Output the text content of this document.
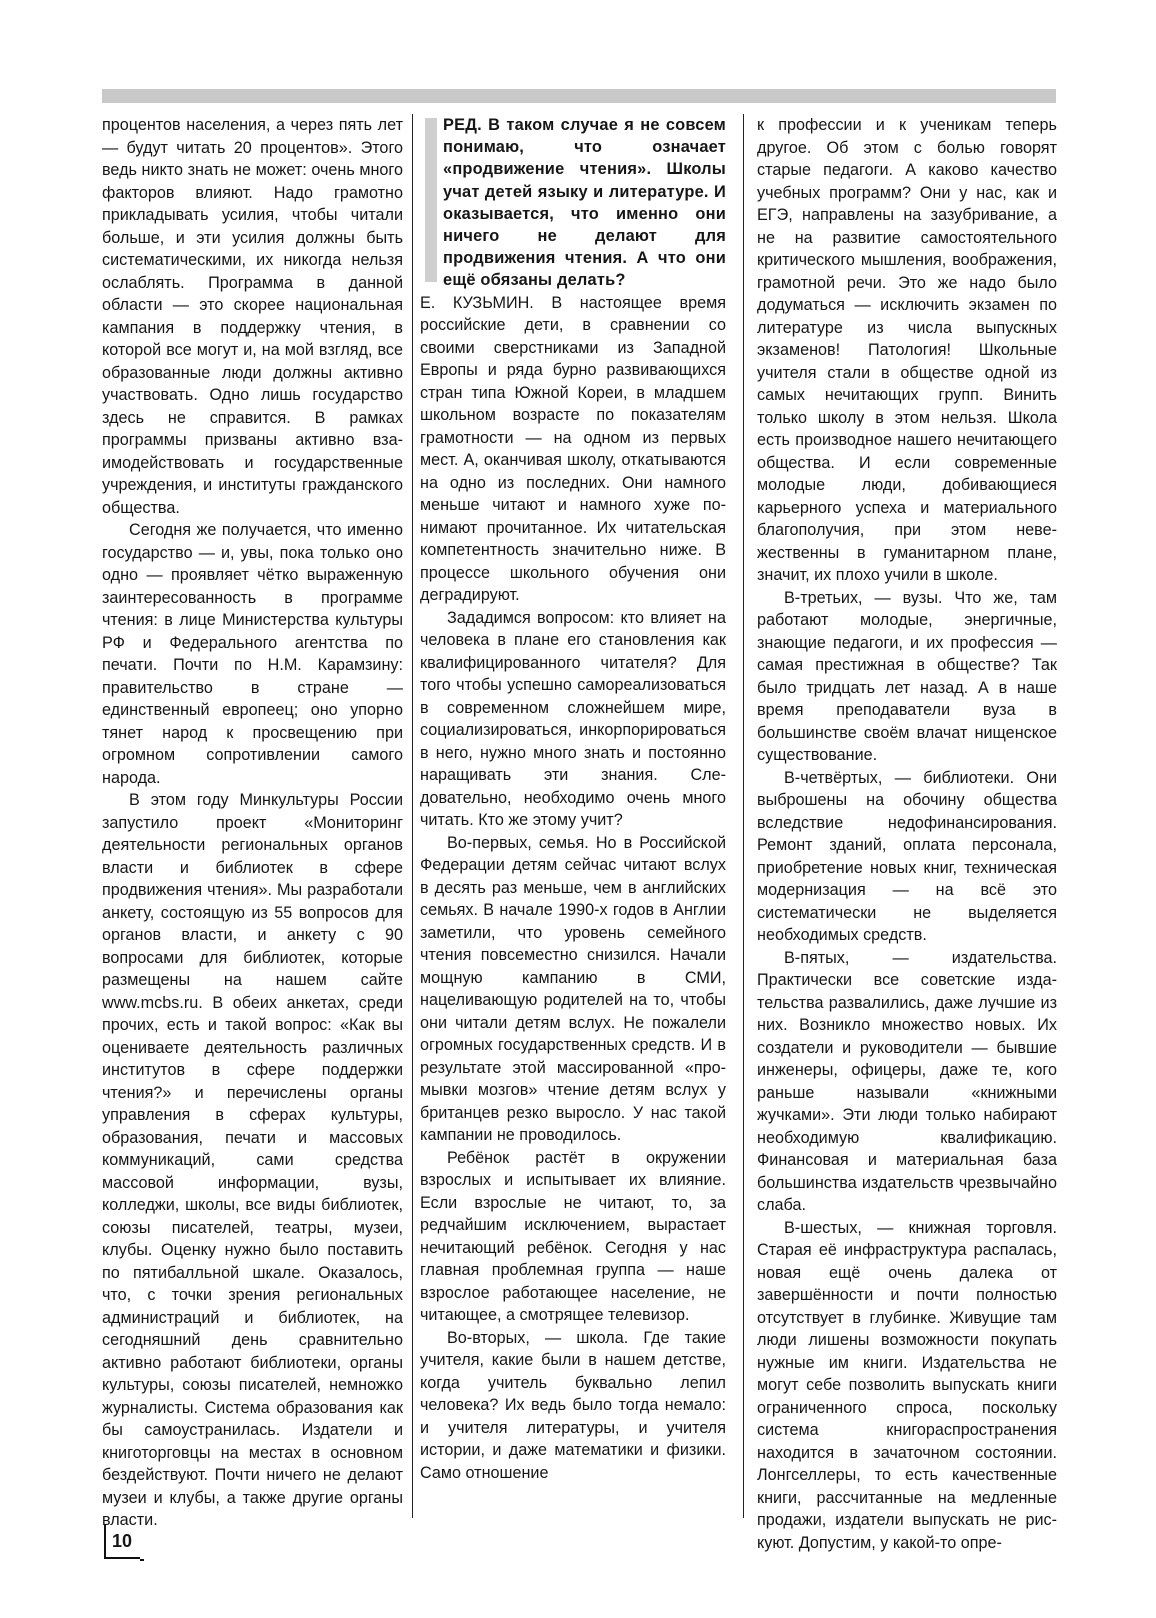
процентов населения, а через пять лет — будут читать 20 процентов». Этого ведь никто знать не может: очень много факторов влияют. Надо грамотно прикладывать усилия, чтобы читали больше, и эти усилия должны быть систематическими, их никогда нельзя ослаблять. Программа в данной области — это скорее национальная кампания в поддержку чтения, в которой все могут и, на мой взгляд, все образованные люди должны активно участвовать. Одно лишь государство здесь не справится. В рамках программы призваны активно взаимодействовать и государственные учреждения, и институты гражданского общества.

Сегодня же получается, что именно государство — и, увы, пока только оно одно — проявляет чётко выраженную заинтересованность в программе чтения: в лице Министерства культуры РФ и Федерального агентства по печати. Почти по Н.М. Карамзину: правительство в стране — единственный европеец; оно упорно тянет народ к просвещению при огромном сопротивлении самого народа.

В этом году Минкультуры России запустило проект «Мониторинг деятельности региональных органов власти и библиотек в сфере продвижения чтения». Мы разработали анкету, состоящую из 55 вопросов для органов власти, и анкету с 90 вопросами для библиотек, которые размещены на нашем сайте www.mcbs.ru. В обеих анкетах, среди прочих, есть и такой вопрос: «Как вы оцениваете деятельность различных институтов в сфере поддержки чтения?» и перечислены органы управления в сферах культуры, образования, печати и массовых коммуникаций, сами средства массовой информации, вузы, колледжи, школы, все виды библиотек, союзы писателей, театры, музеи, клубы. Оценку нужно было поставить по пятибалльной шкале. Оказалось, что, с точки зрения региональных администраций и библиотек, на сегодняшний день сравнительно активно работают библиотеки, органы культуры, союзы писателей, немножко журналисты. Система образования как бы самоустранилась. Издатели и книготорговцы на местах в основном бездействуют. Почти ничего не делают музеи и клубы, а также другие органы власти.

РЕД. В таком случае я не совсем понимаю, что означает «продвижение чтения». Школы учат детей языку и литературе. И оказывается, что именно они ничего не делают для продвижения чтения. А что они ещё обязаны делать?

Е. КУЗЬМИН. В настоящее время российские дети, в сравнении со своими сверстниками из Западной Европы и ряда бурно развивающихся стран типа Южной Кореи, в младшем школьном возрасте по показателям грамотности — на одном из первых мест. А, оканчивая школу, откатываются на одно из последних. Они намного меньше читают и намного хуже понимают прочитанное. Их читательская компетентность значительно ниже. В процессе школьного обучения они деградируют.

Зададимся вопросом: кто влияет на человека в плане его становления как квалифицированного читателя? Для того чтобы успешно самореализоваться в современном сложнейшем мире, социализироваться, инкорпорироваться в него, нужно много знать и постоянно наращивать эти знания. Следовательно, необходимо очень много читать. Кто же этому учит?

Во-первых, семья. Но в Российской Федерации детям сейчас читают вслух в десять раз меньше, чем в английских семьях. В начале 1990-х годов в Англии заметили, что уровень семейного чтения повсеместно снизился. Начали мощную кампанию в СМИ, нацеливающую родителей на то, чтобы они читали детям вслух. Не пожалели огромных государственных средств. И в результате этой массированной «промывки мозгов» чтение детям вслух у британцев резко выросло. У нас такой кампании не проводилось.

Ребёнок растёт в окружении взрослых и испытывает их влияние. Если взрослые не читают, то, за редчайшим исключением, вырастает нечитающий ребёнок. Сегодня у нас главная проблемная группа — наше взрослое работающее население, не читающее, а смотрящее телевизор.

Во-вторых, — школа. Где такие учителя, какие были в нашем детстве, когда учитель буквально лепил человека? Их ведь было тогда немало: и учителя литературы, и учителя истории, и даже математики и физики. Само отношение

к профессии и к ученикам теперь другое. Об этом с болью говорят старые педагоги. А каково качество учебных программ? Они у нас, как и ЕГЭ, направлены на зазубривание, а не на развитие самостоятельного критического мышления, воображения, грамотной речи. Это же надо было додуматься — исключить экзамен по литературе из числа выпускных экзаменов! Патология! Школьные учителя стали в обществе одной из самых нечитающих групп. Винить только школу в этом нельзя. Школа есть производное нашего нечитающего общества. И если современные молодые люди, добивающиеся карьерного успеха и материального благополучия, при этом невежественны в гуманитарном плане, значит, их плохо учили в школе.

В-третьих, — вузы. Что же, там работают молодые, энергичные, знающие педагоги, и их профессия — самая престижная в обществе? Так было тридцать лет назад. А в наше время преподаватели вуза в большинстве своём влачат нищенское существование.

В-четвёртых, — библиотеки. Они выброшены на обочину общества вследствие недофинансирования. Ремонт зданий, оплата персонала, приобретение новых книг, техническая модернизация — на всё это систематически не выделяется необходимых средств.

В-пятых, — издательства. Практически все советские издательства развалились, даже лучшие из них. Возникло множество новых. Их создатели и руководители — бывшие инженеры, офицеры, даже те, кого раньше называли «книжными жучками». Эти люди только набирают необходимую квалификацию. Финансовая и материальная база большинства издательств чрезвычайно слаба.

В-шестых, — книжная торговля. Старая её инфраструктура распалась, новая ещё очень далека от завершённости и почти полностью отсутствует в глубинке. Живущие там люди лишены возможности покупать нужные им книги. Издательства не могут себе позволить выпускать книги ограниченного спроса, поскольку система книгораспространения находится в зачаточном состоянии. Лонгселлеры, то есть качественные книги, рассчитанные на медленные продажи, издатели выпускать не рискуют. Допустим, у какой-то опре-

10
